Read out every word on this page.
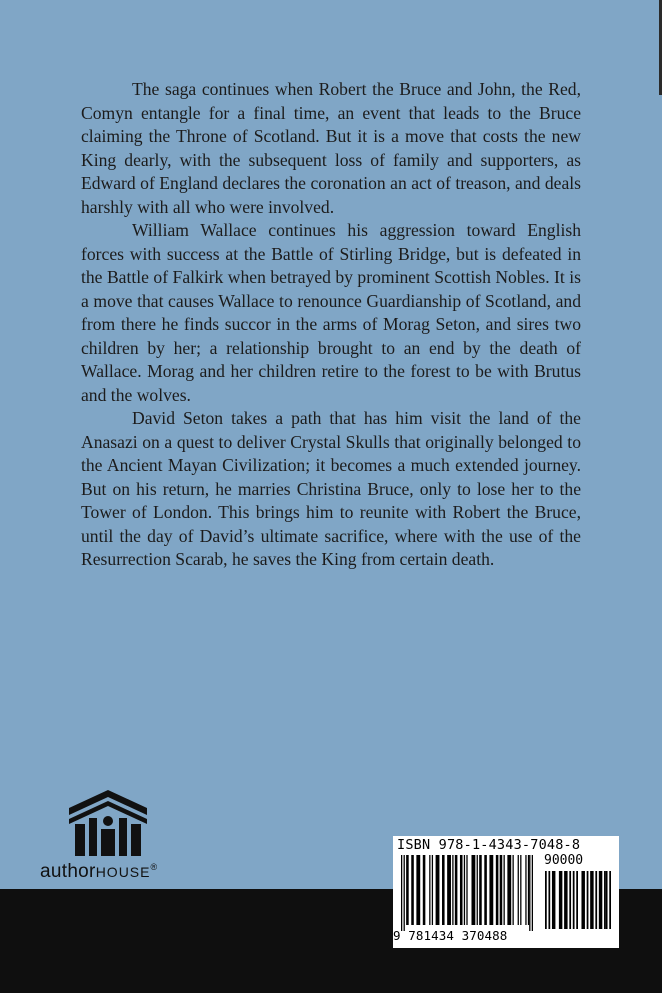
The saga continues when Robert the Bruce and John, the Red, Comyn entangle for a final time, an event that leads to the Bruce claiming the Throne of Scotland. But it is a move that costs the new King dearly, with the subsequent loss of family and supporters, as Edward of England declares the coronation an act of treason, and deals harshly with all who were involved.

William Wallace continues his aggression toward English forces with success at the Battle of Stirling Bridge, but is defeated in the Battle of Falkirk when betrayed by prominent Scottish Nobles. It is a move that causes Wallace to renounce Guardianship of Scotland, and from there he finds succor in the arms of Morag Seton, and sires two children by her; a relationship brought to an end by the death of Wallace. Morag and her children retire to the forest to be with Brutus and the wolves.

David Seton takes a path that has him visit the land of the Anasazi on a quest to deliver Crystal Skulls that originally belonged to the Ancient Mayan Civilization; it becomes a much extended journey. But on his return, he marries Christina Bruce, only to lose her to the Tower of London. This brings him to reunite with Robert the Bruce, until the day of David’s ultimate sacrifice, where with the use of the Resurrection Scarab, he saves the King from certain death.

authorHOUSE®
ISBN 978-1-4343-7048-8
90000
9 781434 370488
